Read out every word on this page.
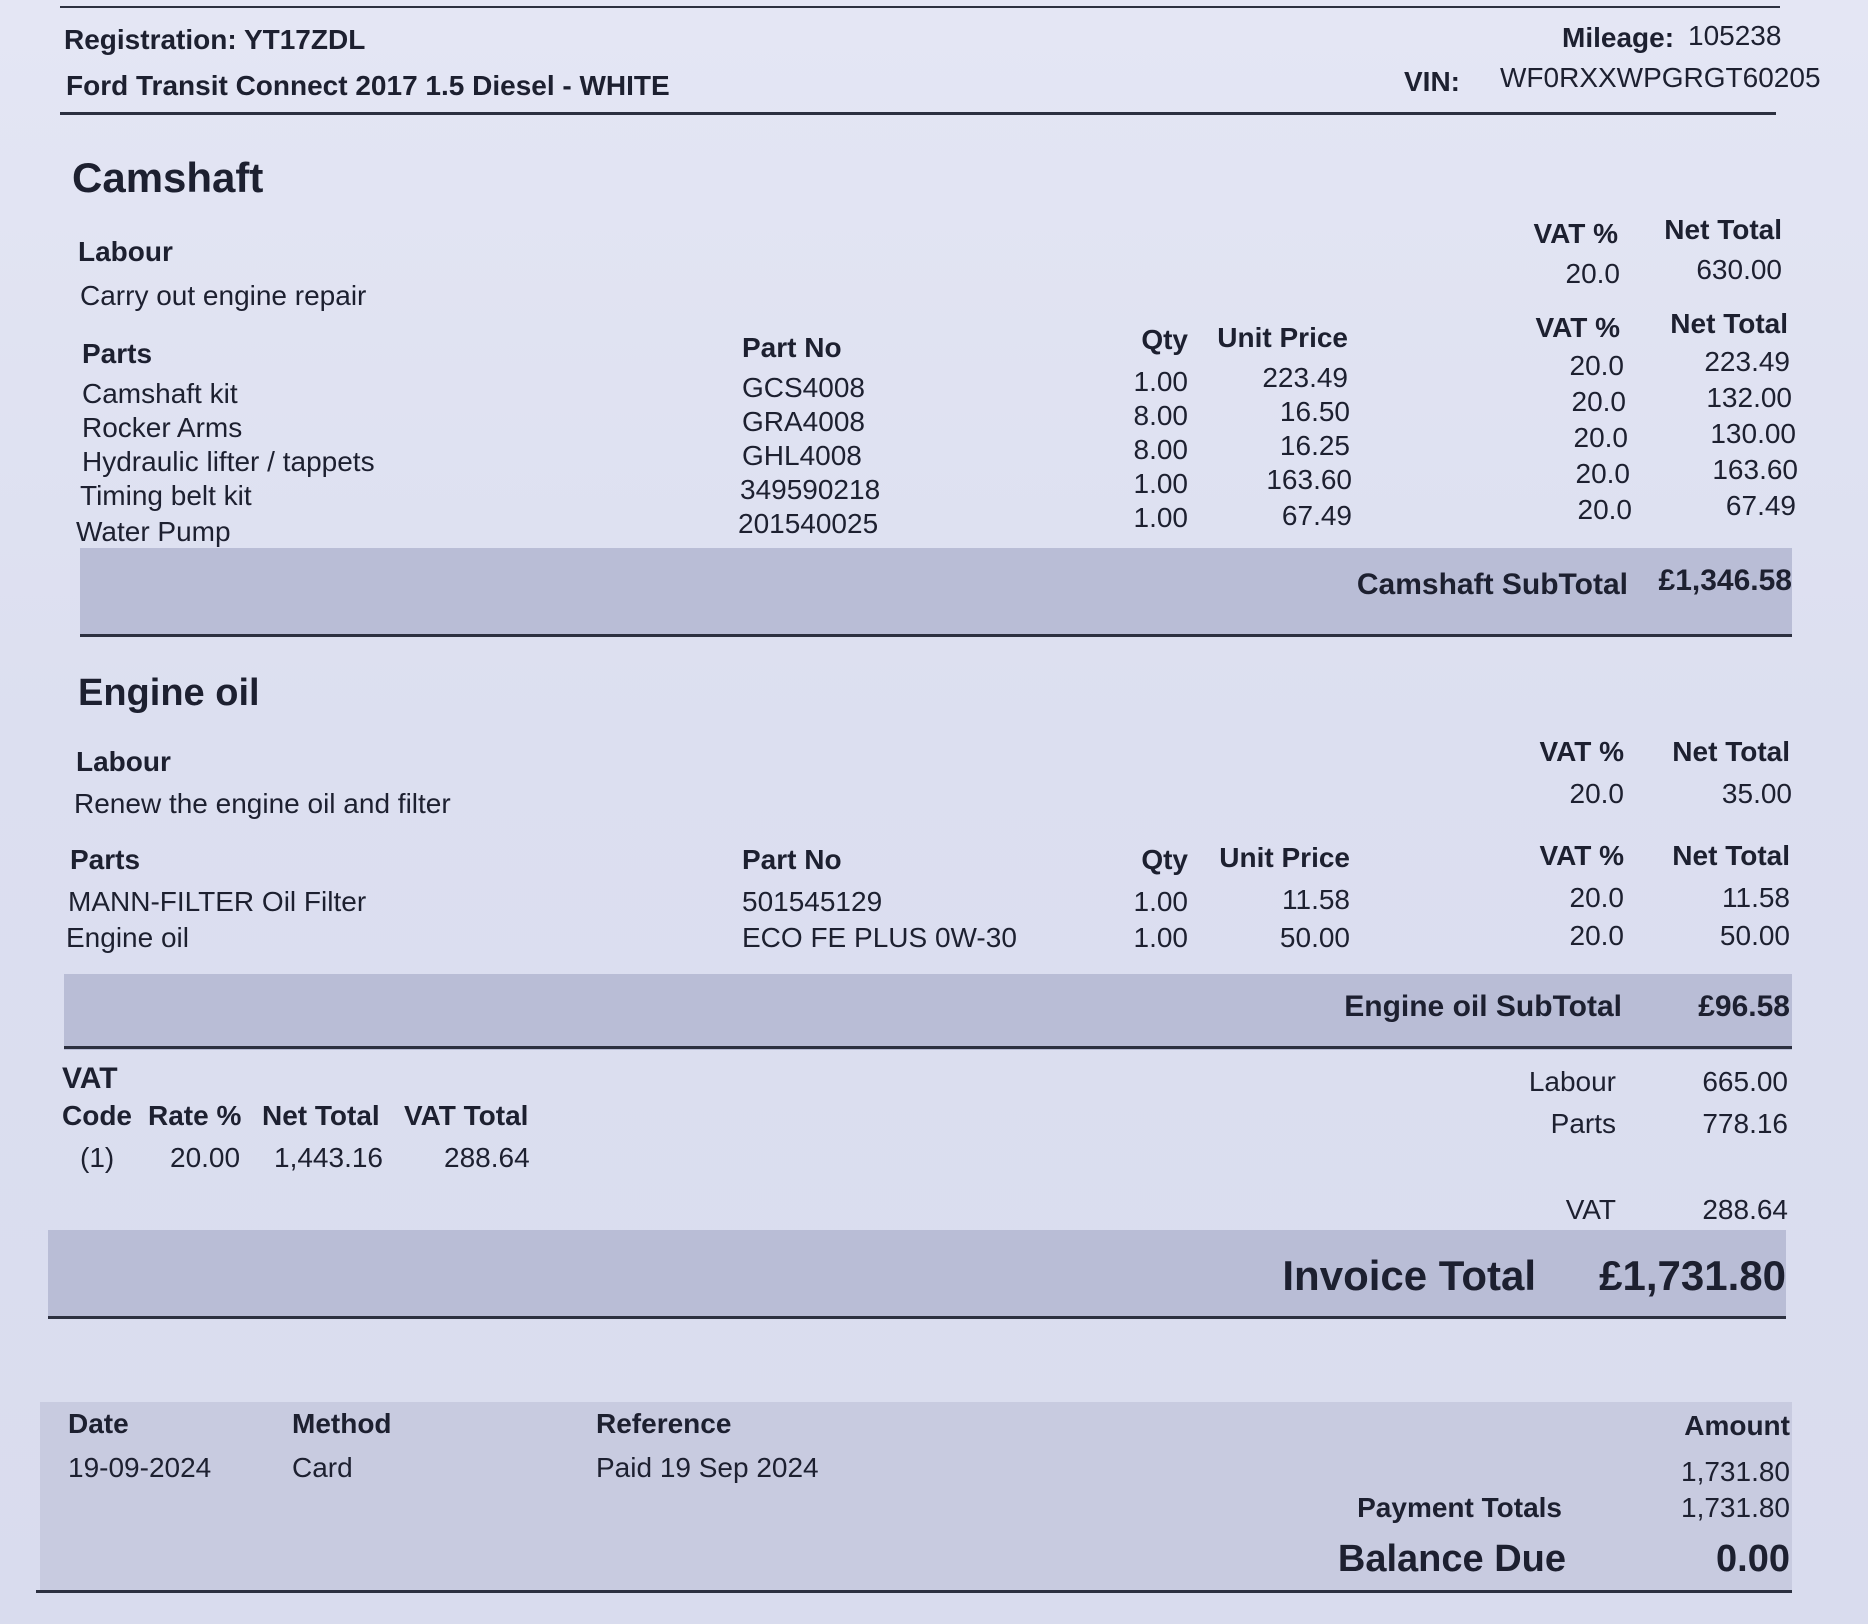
Registration: YT17ZDL
Ford Transit Connect 2017 1.5 Diesel - WHITE
Mileage: 105238
VIN: WF0RXXWPGRGT60205
Camshaft
Labour
Carry out engine repair
VAT % Net Total
20.0	630.00
Parts	Part No	Qty Unit Price	VAT % Net Total
Camshaft kit	GCS4008	1.00	223.49	20.0	223.49
Rocker Arms	GRA4008	8.00	16.50	20.0	132.00
Hydraulic lifter / tappets	GHL4008	8.00	16.25	20.0	130.00
Timing belt kit	349590218	1.00	163.60	20.0	163.60
Water Pump	201540025	1.00	67.49	20.0	67.49
Camshaft SubTotal £1,346.58
Engine oil
Labour
Renew the engine oil and filter
VAT % Net Total
20.0	35.00
Parts	Part No	Qty Unit Price	VAT % Net Total
MANN-FILTER Oil Filter	501545129	1.00	11.58	20.0	11.58
Engine oil	ECO FE PLUS 0W-30	1.00	50.00	20.0	50.00
Engine oil SubTotal	£96.58
VAT
Code Rate % Net Total VAT Total
(1) 20.00 1,443.16 288.64
Labour	665.00
Parts	778.16
VAT	288.64
Invoice Total £1,731.80
Date	Method	Reference	Amount
19-09-2024	Card	Paid 19 Sep 2024	1,731.80
Payment Totals	1,731.80
Balance Due	0.00
